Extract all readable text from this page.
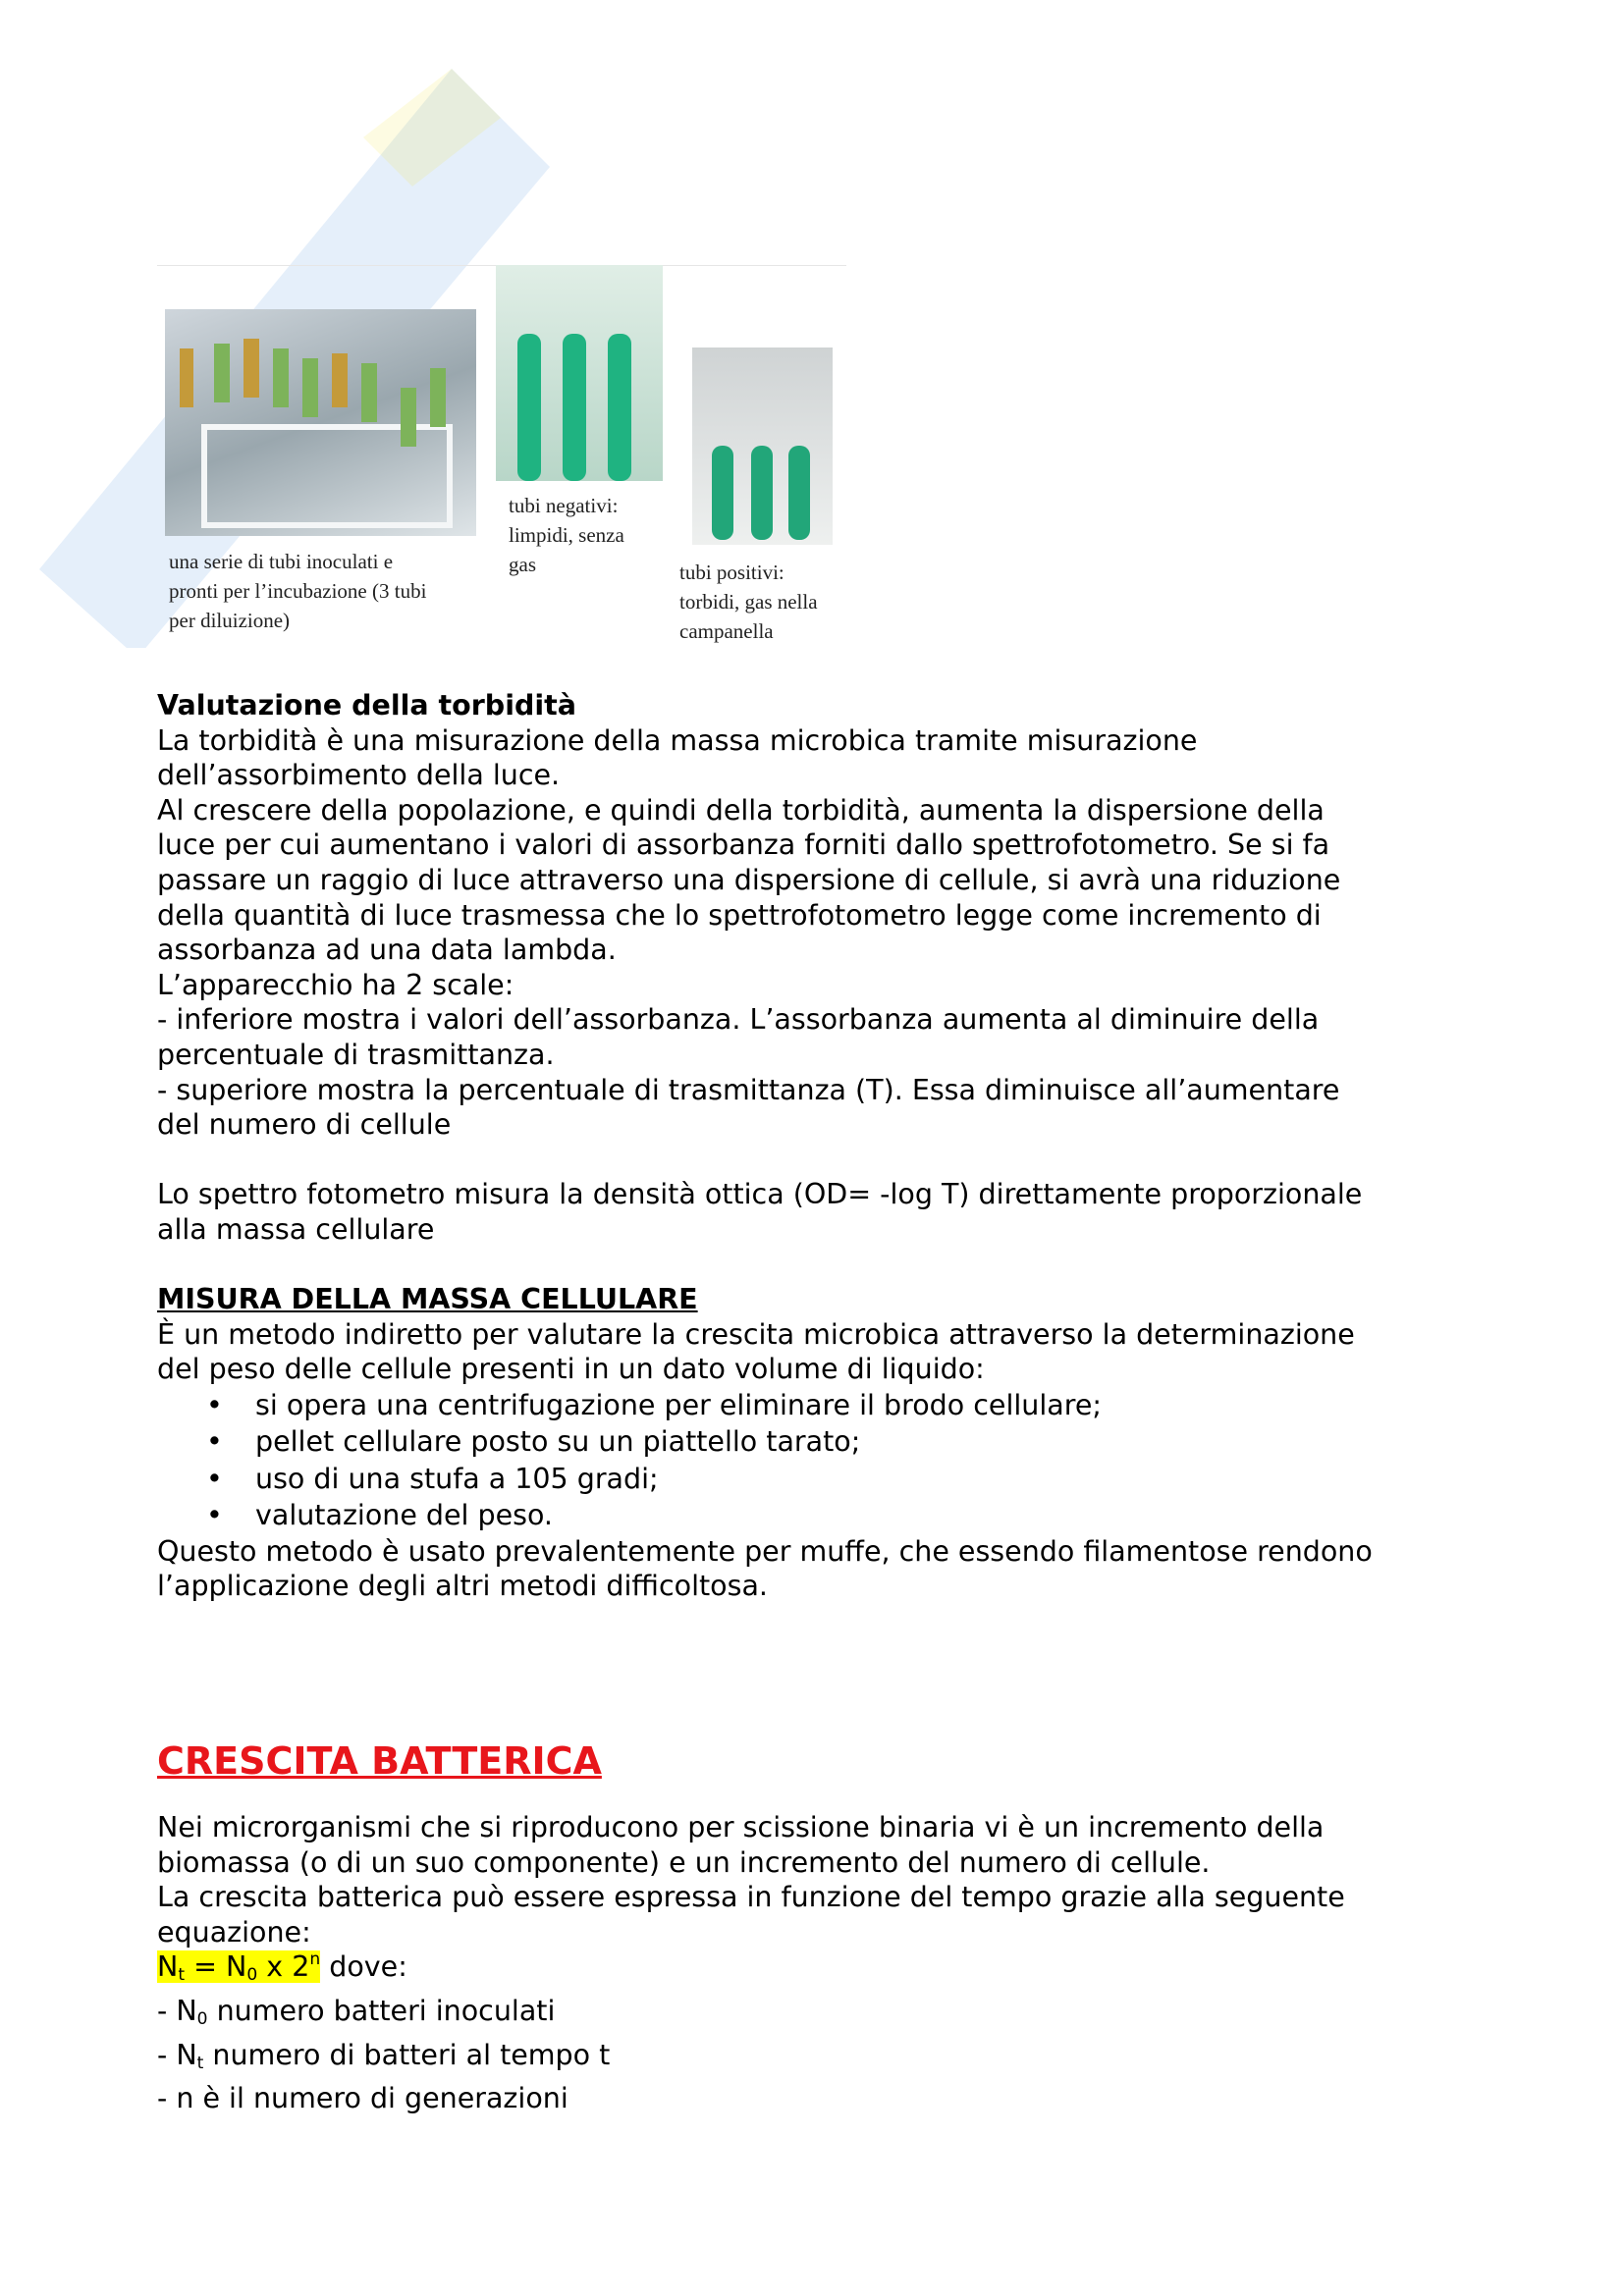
una serie di tubi inoculati e
pronti per l’incubazione (3 tubi
per diluizione)
tubi negativi:
limpidi, senza
gas	tubi positivi:
torbidi, gas nella
campanella
Valutazione della torbidità
La torbidità è una misurazione della massa microbica tramite misurazione
dell’assorbimento della luce.
Al crescere della popolazione, e quindi della torbidità, aumenta la dispersione della
luce per cui aumentano i valori di assorbanza forniti dallo spettrofotometro. Se si fa
passare un raggio di luce attraverso una dispersione di cellule, si avrà una riduzione
della quantità di luce trasmessa che lo spettrofotometro legge come incremento di
assorbanza ad una data lambda.
L’apparecchio ha 2 scale:
- inferiore mostra i valori dell’assorbanza. L’assorbanza aumenta al diminuire della
percentuale di trasmittanza.
- superiore mostra la percentuale di trasmittanza (T). Essa diminuisce all’aumentare
del numero di cellule

Lo spettro fotometro misura la densità ottica (OD= -log T) direttamente proporzionale
alla massa cellulare

MISURA DELLA MASSA CELLULARE
È un metodo indiretto per valutare la crescita microbica attraverso la determinazione
del peso delle cellule presenti in un dato volume di liquido:
• si opera una centrifugazione per eliminare il brodo cellulare;
• pellet cellulare posto su un piattello tarato;
• uso di una stufa a 105 gradi;
• valutazione del peso.
Questo metodo è usato prevalentemente per muffe, che essendo filamentose rendono
l’applicazione degli altri metodi difficoltosa.
CRESCITA BATTERICA
Nei microrganismi che si riproducono per scissione binaria vi è un incremento della
biomassa (o di un suo componente) e un incremento del numero di cellule.
La crescita batterica può essere espressa in funzione del tempo grazie alla seguente
equazione:
$N_t = N_0$ x 2$^n$ dove:
- $N_0$ numero batteri inoculati
- $N_t$ numero di batteri al tempo t
- n è il numero di generazioni
